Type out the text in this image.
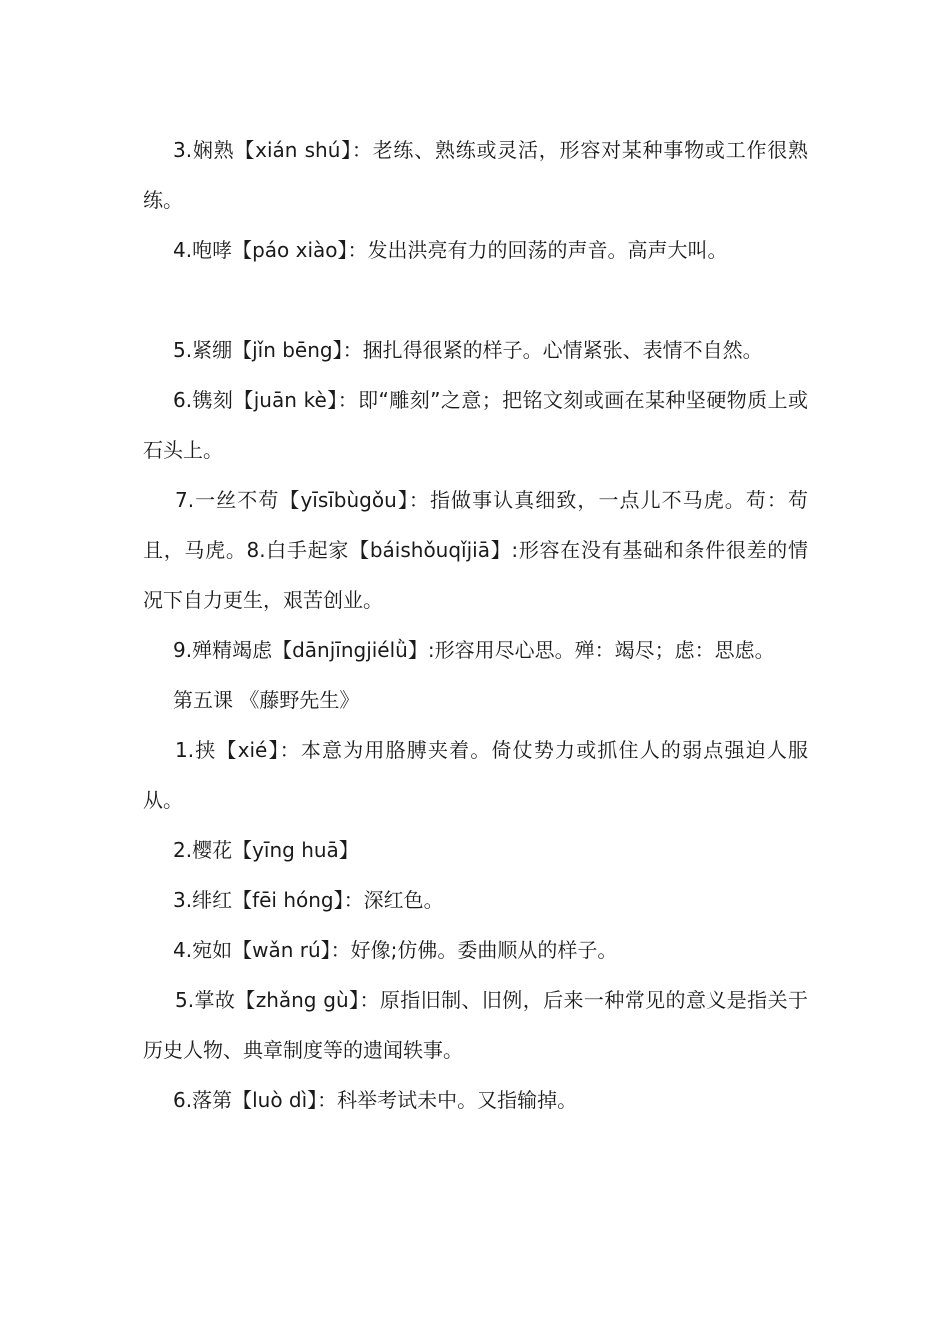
3.娴熟【xián shú】：老练、熟练或灵活，形容对某种事物或工作很熟练。

4.咆哮【páo xiào】：发出洪亮有力的回荡的声音。高声大叫。

5.紧绷【jǐn bēng】：捆扎得很紧的样子。心情紧张、表情不自然。

6.镌刻【juān kè】：即“雕刻”之意；把铭文刻或画在某种坚硬物质上或石头上。

7.一丝不苟【yīsībùgǒu】：指做事认真细致，一点儿不马虎。苟：苟且，马虎。8.白手起家【báishǒuqǐjiā】:形容在没有基础和条件很差的情况下自力更生，艰苦创业。

9.殚精竭虑【dānjīngjiélǜ】:形容用尽心思。殚：竭尽；虑：思虑。

第五课 《藤野先生》

1.挟【xié】：本意为用胳膊夹着。倚仗势力或抓住人的弱点强迫人服从。

2.樱花【yīng huā】

3.绯红【fēi hóng】：深红色。

4.宛如【wǎn rú】：好像;仿佛。委曲顺从的样子。

5.掌故【zhǎng gù】：原指旧制、旧例，后来一种常见的意义是指关于历史人物、典章制度等的遗闻轶事。

6.落第【luò dì】：科举考试未中。又指输掉。
